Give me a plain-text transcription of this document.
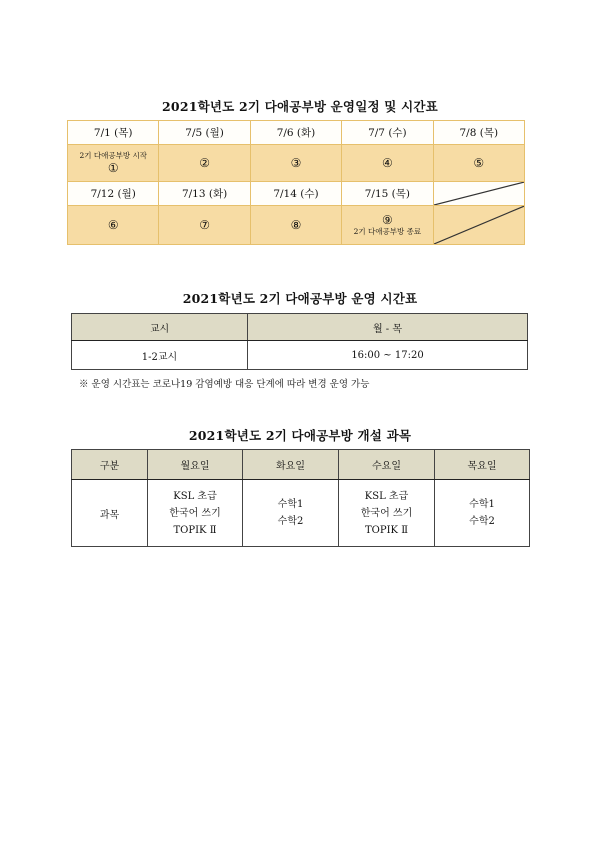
2021학년도 2기 다애공부방 운영일정 및 시간표
7/1 (목)	7/5 (월)	7/6 (화)	7/7 (수)	7/8 (목)

2기 다애공부방 시작
①	②	③	④	⑤

7/12 (월)	7/13 (화)	7/14 (수)	7/15 (목)	

⑥	⑦	⑧	⑨
2기 다애공부방 종료

2021학년도 2기 다애공부방 운영 시간표
교시	월 - 목
1-2교시	16:00 ~ 17:20
※ 운영 시간표는 코로나19 감염예방 대응 단계에 따라 변경 운영 가능
2021학년도 2기 다애공부방 개설 과목
구분	월요일	화요일	수요일	목요일
과목	KSL 초급
한국어 쓰기
TOPIK Ⅱ	수학1
수학2	KSL 초급
한국어 쓰기
TOPIK Ⅱ	수학1
수학2
